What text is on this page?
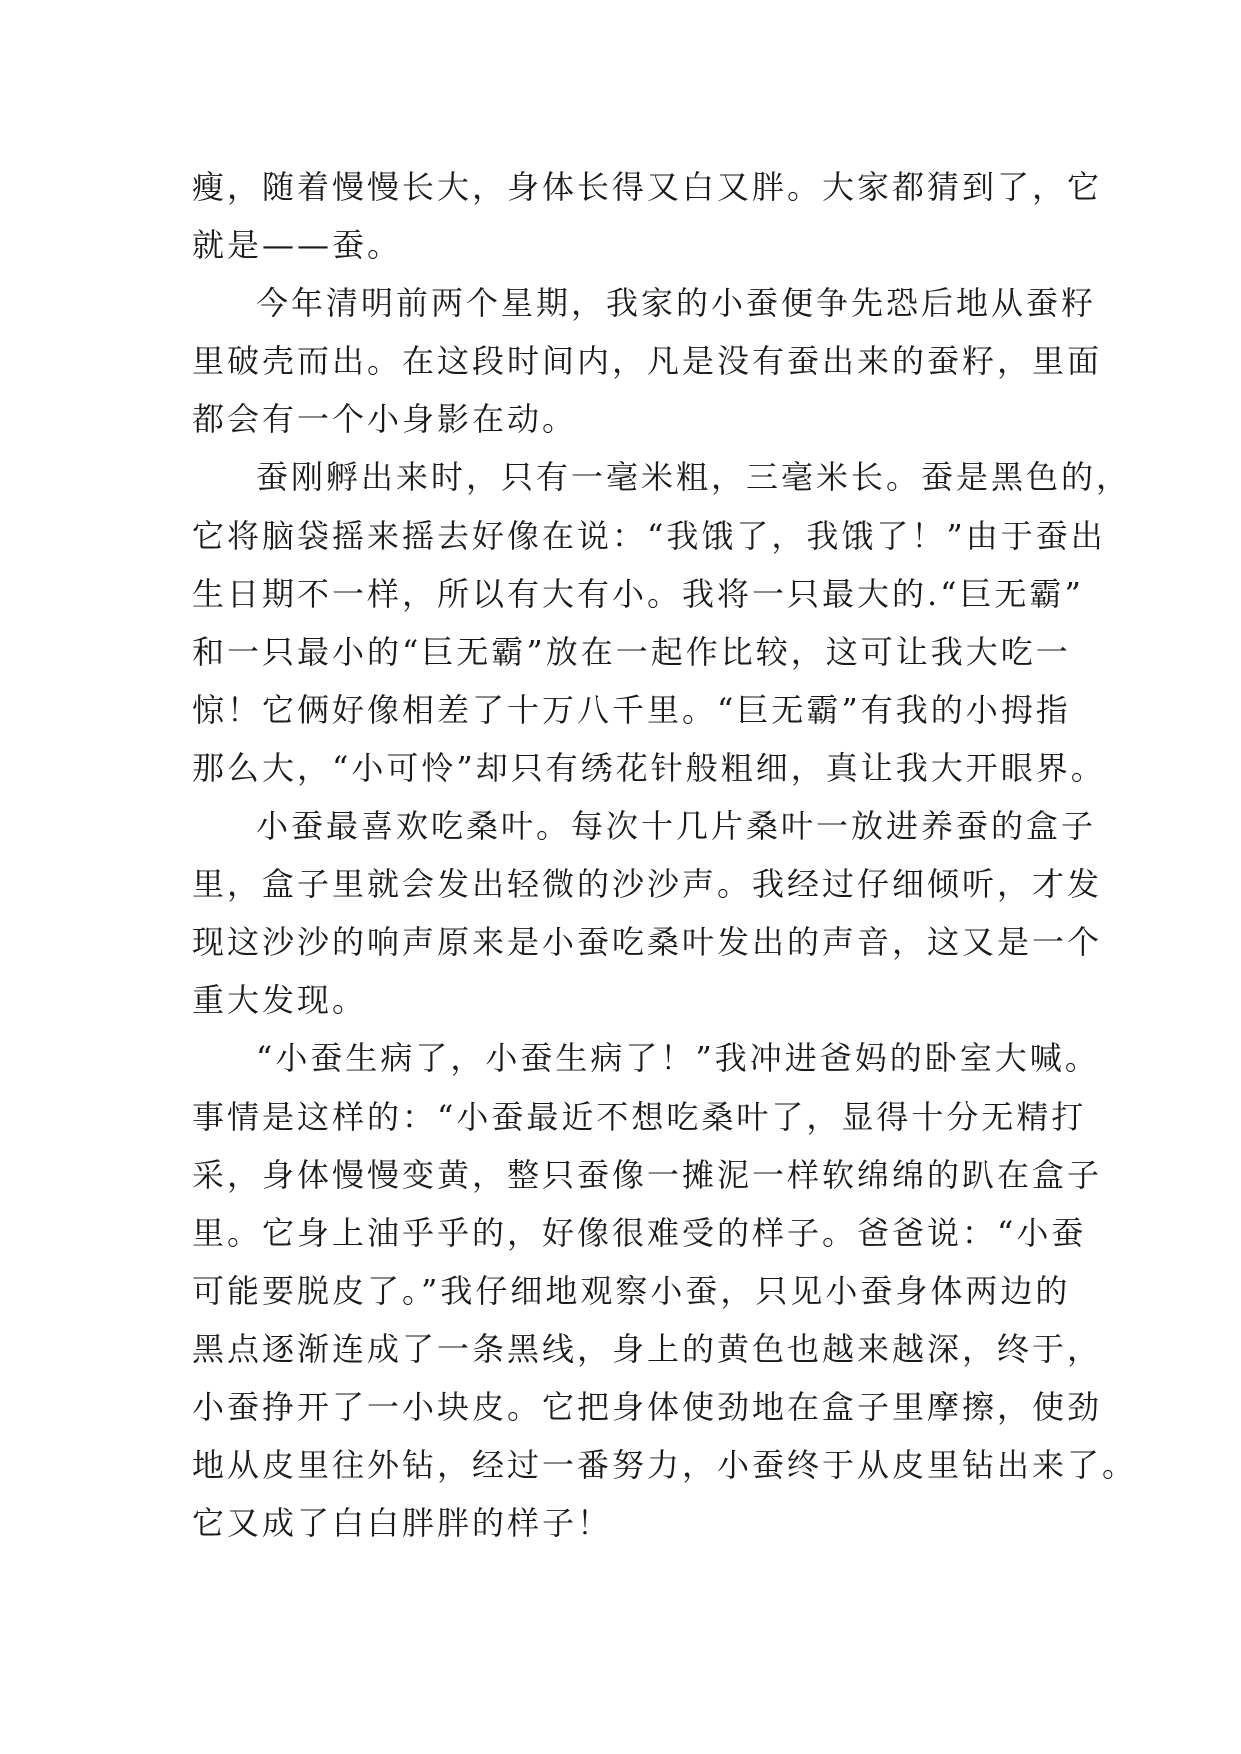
瘦，随着慢慢长大，身体长得又白又胖。大家都猜到了，它
就是——蚕。

今年清明前两个星期，我家的小蚕便争先恐后地从蚕籽
里破壳而出。在这段时间内，凡是没有蚕出来的蚕籽，里面
都会有一个小身影在动。

蚕刚孵出来时，只有一毫米粗，三毫米长。蚕是黑色的，
它将脑袋摇来摇去好像在说：“我饿了，我饿了！”由于蚕出
生日期不一样，所以有大有小。我将一只最大的.“巨无霸”
和一只最小的“巨无霸”放在一起作比较，这可让我大吃一
惊！它俩好像相差了十万八千里。“巨无霸”有我的小拇指
那么大，“小可怜”却只有绣花针般粗细，真让我大开眼界。

小蚕最喜欢吃桑叶。每次十几片桑叶一放进养蚕的盒子
里，盒子里就会发出轻微的沙沙声。我经过仔细倾听，才发
现这沙沙的响声原来是小蚕吃桑叶发出的声音，这又是一个
重大发现。

“小蚕生病了，小蚕生病了！”我冲进爸妈的卧室大喊。
事情是这样的：“小蚕最近不想吃桑叶了，显得十分无精打
采，身体慢慢变黄，整只蚕像一摊泥一样软绵绵的趴在盒子
里。它身上油乎乎的，好像很难受的样子。爸爸说：“小蚕
可能要脱皮了。”我仔细地观察小蚕，只见小蚕身体两边的
黑点逐渐连成了一条黑线，身上的黄色也越来越深，终于，
小蚕挣开了一小块皮。它把身体使劲地在盒子里摩擦，使劲
地从皮里往外钻，经过一番努力，小蚕终于从皮里钻出来了。
它又成了白白胖胖的样子！
